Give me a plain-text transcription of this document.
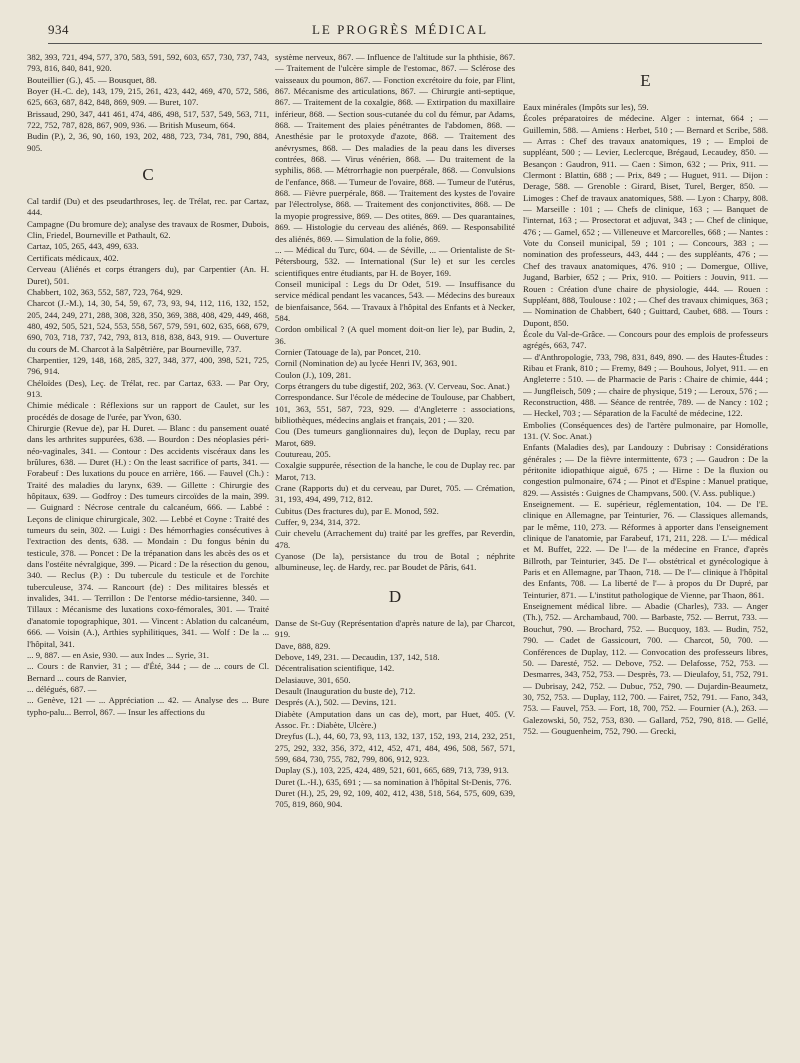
934	LE PROGRÈS MÉDICAL

382, 393, 721, 494, 577, 370, 583, 591, 592, 603, 657, 730, 737, 743, 793, 816, 840, 841, 920.

Bouteillier (G.), 45. — Bousquet, 88.

Boyer (H.-C. de), 143, 179, 215, 261, 423, 442, 469, 470, 572, 586, 625, 663, 687, 842, 848, 869, 909. — Buret, 107.

Brissaud, 290, 347, 441 461, 474, 486, 498, 517, 537, 549, 563, 711, 722, 752, 787, 828, 867, 909, 936. — British Museum, 664.

Budin (P.), 2, 36, 90, 160, 193, 202, 488, 723, 734, 781, 790, 884, 905.

C

Cal tardif (Du) et des pseudarthroses, leç. de Trélat, rec. par Cartaz, 444.

Campagne (Du bromure de); analyse des travaux de Rosmer, Dubois, Clin, Friedel, Bourneville et Pathault, 62.

Cartaz, 105, 265, 443, 499, 633.

Certificats médicaux, 402.

Cerveau (Aliénés et corps étrangers du), par Carpentier (An. H. Duret), 501.

Chabbert, 102, 363, 552, 587, 723, 764, 929.

Charcot (J.-M.), 14, 30, 54, 59, 67, 73, 93, 94, 112, 116, 132, 152, 205, 244, 249, 271, 288, 308, 328, 350, 369, 388, 408, 429, 449, 468, 480, 492, 505, 521, 524, 553, 558, 567, 579, 591, 602, 635, 668, 679, 690, 703, 718, 737, 742, 793, 813, 818, 838, 843, 919. — Ouverture du cours de M. Charcot à la Salpêtrière, par Bourneville, 737.

Charpentier, 129, 148, 168, 285, 327, 348, 377, 400, 398, 521, 725, 796, 914.

Chéloïdes (Des), Leç. de Trélat, rec. par Cartaz, 633. — Par Ory, 913.

Chimie médicale : Réflexions sur un rapport de Caulet, sur les procédés de dosage de l'urée, par Yvon, 630.

Chirurgie (Revue de), par H. Duret. — Blanc : du pansement ouaté dans les arthrites suppurées, 638. — Bourdon : Des néoplasies péri-néo-vaginales, 341. — Contour : Des accidents viscéraux dans les brûlures, 638. — Duret (H.) : On the least sacrifice of parts, 341. — Forabeuf : Des luxations du pouce en arrière, 166. — Fauvel (Ch.) : Traité des maladies du larynx, 639. — Gillette : Chirurgie des hôpitaux, 639. — Godfroy : Des tumeurs circoïdes de la main, 399. — Guignard : Nécrose centrale du calcanéum, 666. — Labbé : Leçons de clinique chirurgicale, 302. — Lebbé et Coyne : Traité des tumeurs du sein, 302. — Luigi : Des hémorrhagies consécutives à l'extraction des dents, 638. — Mondain : Du fongus bénin du testicule, 378. — Poncet : De la trépanation dans les abcès des os et dans l'ostéite névralgique, 399. — Picard : De la résection du genou, 340. — Reclus (P.) : Du tubercule du testicule et de l'orchite tuberculeuse, 374. — Rancourt (de) : Des militaires blessés et invalides, 341. — Terrillon : De l'entorse médio-tarsienne, 340. — Tillaux : Mécanisme des luxations coxo-fémorales, 301. — Traité d'anatomie topographique, 301. — Vincent : Ablation du calcanéum, 666. — Voisin (A.), Arthies syphilitiques, 341. — Wolf : De la ... l'hôpital, 341.

... 9, 887. — en Asie, 930. — aux Indes ... Syrie, 31.

... Cours : de Ranvier, 31 ; — d'Été, 344 ; — de ... cours de Cl. Bernard ... cours de Ranvier,

... délégués, 687. —

... Genève, 121 — ... Appréciation ... 42. — Analyse des ... Bure typho-palu... Berrol, 867. — Insur les affections du

système nerveux, 867. — Influence de l'altitude sur la phthisie, 867. — Traitement de l'ulcère simple de l'estomac, 867. — Sclérose des vaisseaux du poumon, 867. — Fonction excrétoire du foie, par Flint, 867. Mécanisme des articulations, 867. — Chirurgie anti-septique, 867. — Traitement de la coxalgie, 868. — Extirpation du maxillaire inférieur, 868. — Section sous-cutanée du col du fémur, par Adams, 868. — Traitement des plaies pénétrantes de l'abdomen, 868. — Anesthésie par le protoxyde d'azote, 868. — Traitement des anévrysmes, 868. — Des maladies de la peau dans les diverses contrées, 868. — Virus vénérien, 868. — Du traitement de la syphilis, 868. — Métrorrhagie non puerpérale, 868. — Convulsions de l'enfance, 868. — Tumeur de l'ovaire, 868. — Tumeur de l'utérus, 868. — Fièvre puerpérale, 868. — Traitement des kystes de l'ovaire par l'électrolyse, 868. — Traitement des conjonctivites, 868. — De la myopie progressive, 869. — Des otites, 869. — Des quarantaines, 869. — Histologie du cerveau des aliénés, 869. — Responsabilité des aliénés, 869. — Simulation de la folie, 869.

... — Médical du Turc, 604. — de Séville, ... — Orientaliste de St-Pétersbourg, 532. — International (Sur le) et sur les cercles scientifiques entre étudiants, par H. de Boyer, 169.

Conseil municipal : Legs du Dr Odet, 519. — Insuffisance du service médical pendant les vacances, 543. — Médecins des bureaux de bienfaisance, 564. — Travaux à l'hôpital des Enfants et à Necker, 584.

Cordon ombilical ? (A quel moment doit-on lier le), par Budin, 2, 36.

Cornier (Tatouage de la), par Poncet, 210.

Cornil (Nomination de) au lycée Henri IV, 363, 901.

Coulon (J.), 109, 281.

Corps étrangers du tube digestif, 202, 363. (V. Cerveau, Soc. Anat.)

Correspondance. Sur l'école de médecine de Toulouse, par Chabbert, 101, 363, 551, 587, 723, 929. — d'Angleterre : associations, bibliothèques, médecins anglais et français, 201 ; — 320.

Cou (Des tumeurs ganglionnaires du), leçon de Duplay, recu par Marot, 689.

Coutureau, 205.

Coxalgie suppurée, résection de la hanche, le cou de Duplay rec. par Marot, 713.

Crane (Rapports du) et du cerveau, par Duret, 705. — Crémation, 31, 193, 494, 499, 712, 812.

Cubitus (Des fractures du), par E. Monod, 592.

Cuffer, 9, 234, 314, 372.

Cuir chevelu (Arrachement du) traité par les greffes, par Reverdin, 478.

Cyanose (De la), persistance du trou de Botal ; néphrite albumineuse, leç. de Hardy, rec. par Boudet de Pâris, 641.

D

Danse de St-Guy (Représentation d'après nature de la), par Charcot, 919.

Dave, 888, 829.

Debove, 149, 231. — Decaudin, 137, 142, 518.

Décentralisation scientifique, 142.

Delasiauve, 301, 650.

Desault (Inauguration du buste de), 712.

Després (A.), 502. — Devins, 121.

Diabète (Amputation dans un cas de), mort, par Huet, 405. (V. Assoc. Fr. : Diabète, Ulcère.)

Dreyfus (L.), 44, 60, 73, 93, 113, 132, 137, 152, 193, 214, 232, 251, 275, 292, 332, 356, 372, 412, 452, 471, 484, 496, 508, 567, 571, 599, 684, 730, 755, 782, 799, 806, 912, 923.

Duplay (S.), 103, 225, 424, 489, 521, 601, 665, 689, 713, 739, 913.

Duret (L.-H.), 635, 691 ; — sa nomination à l'hôpital St-Denis, 776.

Duret (H.), 25, 29, 92, 109, 402, 412, 438, 518, 564, 575, 609, 639, 705, 819, 860, 904.

E

Eaux minérales (Impôts sur les), 59.

Écoles préparatoires de médecine. Alger : internat, 664 ; — Guillemin, 588. — Amiens : Herbet, 510 ; — Bernard et Scribe, 588. — Arras : Chef des travaux anatomiques, 19 ; — Emploi de suppléant, 500 ; — Levier, Leclercque, Brégaud, Lecaudey, 850. — Besançon : Gaudron, 911. — Caen : Simon, 632 ; — Prix, 911. — Clermont : Blattin, 688 ; — Prix, 849 ; — Huguet, 911. — Dijon : Derage, 588. — Grenoble : Girard, Biset, Turel, Berger, 850. — Limoges : Chef de travaux anatomiques, 588. — Lyon : Charpy, 808. — Marseille : 101 ; — Chefs de clinique, 163 ; — Banquet de l'internat, 163 ; — Prosectorat et adjuvat, 343 ; — Chef de clinique, 476 ; — Gamel, 652 ; — Villeneuve et Marcorelles, 668 ; — Nantes : Vote du Conseil municipal, 59 ; 101 ; — Concours, 383 ; — nomination des professeurs, 443, 444 ; — des suppléants, 476 ; — Chef des travaux anatomiques, 476. 910 ; — Domergue, Ollive, Jugand, Barbier, 652 ; — Prix, 910. — Poitiers : Jouvin, 911. — Rouen : Création d'une chaire de physiologie, 444. — Rouen : Suppléant, 888, Toulouse : 102 ; — Chef des travaux chimiques, 363 ; — Nomination de Chabbert, 640 ; Guittard, Caubet, 688. — Tours : Dupont, 850.

École du Val-de-Grâce. — Concours pour des emplois de professeurs agrégés, 663, 747.

— d'Anthropologie, 733, 798, 831, 849, 890. — des Hautes-Études : Ribau et Frank, 810 ; — Fremy, 849 ; — Bouhous, Jolyet, 911. — en Angleterre : 510. — de Pharmacie de Paris : Chaire de chimie, 444 ; — Jungfleisch, 509 ; — chaire de physique, 519 ; — Leroux, 576 ; — Reconstruction, 488. — Séance de rentrée, 789. — de Nancy : 102 ; — Heckel, 703 ; — Séparation de la Faculté de médecine, 122.

Embolies (Conséquences des) de l'artère pulmonaire, par Homolle, 131. (V. Soc. Anat.)

Enfants (Maladies des), par Landouzy : Dubrisay : Considérations générales ; — De la fièvre intermittente, 673 ; — Gaudron : De la péritonite idiopathique aiguë, 675 ; — Hirne : De la fluxion ou congestion pulmonaire, 674 ; — Pinot et d'Espine : Manuel pratique, 829. — Assistés : Guignes de Champvans, 500. (V. Ass. publique.)

Enseignement. — E. supérieur, réglementation, 104. — De l'E. clinique en Allemagne, par Teinturier, 76. — Classiques allemands, par le même, 110, 273. — Réformes à apporter dans l'enseignement clinique de l'anatomie, par Farabeuf, 171, 211, 228. — L'— médical et M. Buffet, 222. — De l'— de la médecine en France, d'après Billroth, par Teinturier, 345. De l'— obstétrical et gynécologique à Paris et en Allemagne, par Thaon, 718. — De l'— clinique à l'hôpital des Enfants, 708. — La liberté de l'— à propos du Dr Dupré, par Teinturier, 871. — L'institut pathologique de Vienne, par Thaon, 861.

Enseignement médical libre. — Abadie (Charles), 733. — Anger (Th.), 752. — Archambaud, 700. — Barbaste, 752. — Berrut, 733. — Bouchut, 790. — Brochard, 752. — Bucquoy, 183. — Budin, 752, 790. — Cadet de Gassicourt, 700. — Charcot, 50, 700. — Conférences de Duplay, 112. — Convocation des professeurs libres, 50. — Daresté, 752. — Debove, 752. — Delafosse, 752, 753. — Desmarres, 343, 752, 753. — Desprès, 73. — Dieulafoy, 51, 752, 791. — Dubrisay, 242, 752. — Dubuc, 752, 790. — Dujardin-Beaumetz, 30, 752, 753. — Duplay, 112, 700. — Fairet, 752, 791. — Fano, 343, 753. — Fauvel, 753. — Fort, 18, 700, 752. — Fournier (A.), 263. — Galezowski, 50, 752, 753, 830. — Gallard, 752, 790, 818. — Gellé, 752. — Gouguenheim, 752, 790. — Grecki,
